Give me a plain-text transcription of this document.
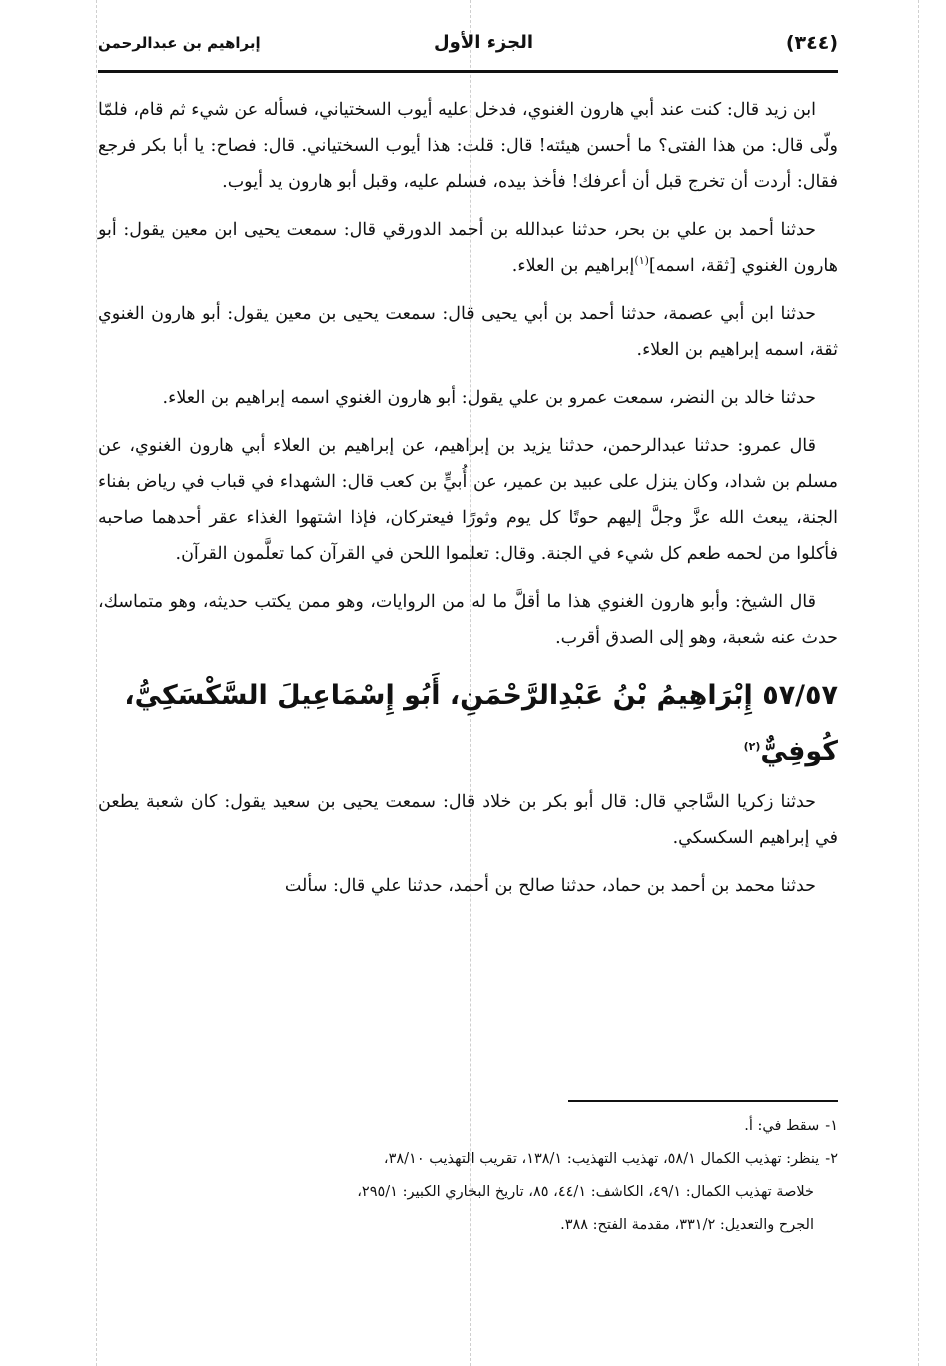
(٣٤٤)
الجزء الأول
إبراهيم بن عبدالرحمن

ابن زيد قال: كنت عند أبي هارون الغنوي، فدخل عليه أيوب السختياني، فسأله عن شيء ثم قام، فلمّا ولّى قال: من هذا الفتى؟ ما أحسن هيئته! قال: قلت: هذا أيوب السختياني. قال: فصاح: يا أبا بكر فرجع فقال: أردت أن تخرج قبل أن أعرفك! فأخذ بيده، فسلم عليه، وقبل أبو هارون يد أيوب.

حدثنا أحمد بن علي بن بحر، حدثنا عبدالله بن أحمد الدورقي قال: سمعت يحيى ابن معين يقول: أبو هارون الغنوي [ثقة، اسمه]$^{(١)}$إبراهيم بن العلاء.

حدثنا ابن أبي عصمة، حدثنا أحمد بن أبي يحيى قال: سمعت يحيى بن معين يقول: أبو هارون الغنوي ثقة، اسمه إبراهيم بن العلاء.

حدثنا خالد بن النضر، سمعت عمرو بن علي يقول: أبو هارون الغنوي اسمه إبراهيم بن العلاء.

قال عمرو: حدثنا عبدالرحمن، حدثنا يزيد بن إبراهيم، عن إبراهيم بن العلاء أبي هارون الغنوي، عن مسلم بن شداد، وكان ينزل على عبيد بن عمير، عن أُبيٍّ بن كعب قال: الشهداء في قباب في رياض بفناء الجنة، يبعث الله عزَّ وجلَّ إليهم حوتًا كل يوم وثورًا فيعتركان، فإذا اشتهوا الغذاء عقر أحدهما صاحبه فأكلوا من لحمه طعم كل شيء في الجنة. وقال: تعلموا اللحن في القرآن كما تعلَّمون القرآن.

قال الشيخ: وأبو هارون الغنوي هذا ما أقلَّ ما له من الروايات، وهو ممن يكتب حديثه، وهو متماسك، حدث عنه شعبة، وهو إلى الصدق أقرب.

٥٧/٥٧ إِبْرَاهِيمُ بْنُ عَبْدِالرَّحْمَنِ، أَبُو إِسْمَاعِيلَ السَّكْسَكِيُّ، كُوفِيٌّ$^{(٢)}$

حدثنا زكريا السَّاجي قال: قال أبو بكر بن خلاد قال: سمعت يحيى بن سعيد يقول: كان شعبة يطعن في إبراهيم السكسكي.

حدثنا محمد بن أحمد بن حماد، حدثنا صالح بن أحمد، حدثنا علي قال: سألت

١-سقط في: أ.

٢-ينظر: تهذيب الكمال ٥٨/١، تهذيب التهذيب: ١٣٨/١، تقريب التهذيب ٣٨/١٠،

خلاصة تهذيب الكمال: ٤٩/١، الكاشف: ٤٤/١، ٨٥، تاريخ البخاري الكبير: ٢٩٥/١،

الجرح والتعديل: ٣٣١/٢، مقدمة الفتح: ٣٨٨.
